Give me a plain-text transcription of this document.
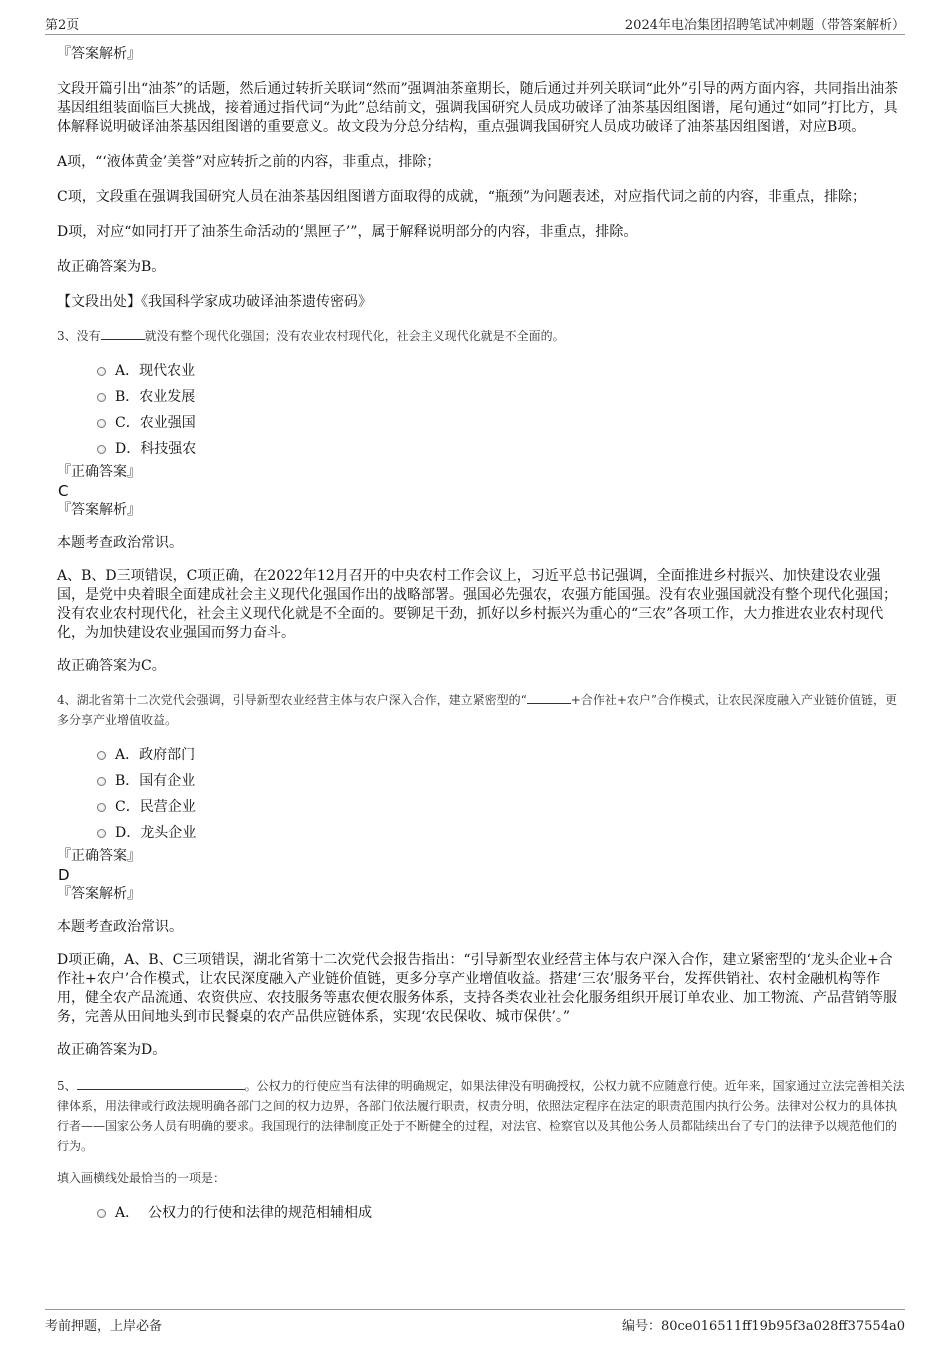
第2页	2024年电冶集团招聘笔试冲刺题（带答案解析）

『答案解析』

文段开篇引出“油茶”的话题，然后通过转折关联词“然而”强调油茶童期长，随后通过并列关联词“此外”引导的两方面内容，共同指出油茶基因组组装面临巨大挑战，接着通过指代词“为此”总结前文，强调我国研究人员成功破译了油茶基因组图谱，尾句通过“如同”打比方，具体解释说明破译油茶基因组图谱的重要意义。故文段为分总分结构，重点强调我国研究人员成功破译了油茶基因组图谱，对应B项。

A项，“‘液体黄金’美誉”对应转折之前的内容，非重点，排除；

C项，文段重在强调我国研究人员在油茶基因组图谱方面取得的成就，“瓶颈”为问题表述，对应指代词之前的内容，非重点，排除；

D项，对应“如同打开了油茶生命活动的‘黑匣子’”，属于解释说明部分的内容，非重点，排除。

故正确答案为B。

【文段出处】《我国科学家成功破译油茶遗传密码》

3、没有	就没有整个现代化强国；没有农业农村现代化，社会主义现代化就是不全面的。

A．现代农业
B．农业发展
C．农业强国
D．科技强农

『正确答案』

C

『答案解析』

本题考查政治常识。

A、B、D三项错误，C项正确，在2022年12月召开的中央农村工作会议上，习近平总书记强调，全面推进乡村振兴、加快建设农业强国，是党中央着眼全面建成社会主义现代化强国作出的战略部署。强国必先强农，农强方能国强。没有农业强国就没有整个现代化强国；没有农业农村现代化，社会主义现代化就是不全面的。要铆足干劲，抓好以乡村振兴为重心的“三农”各项工作，大力推进农业农村现代化，为加快建设农业强国而努力奋斗。

故正确答案为C。

4、湖北省第十二次党代会强调，引导新型农业经营主体与农户深入合作，建立紧密型的“	+合作社+农户”合作模式，让农民深度融入产业链价值链，更多分享产业增值收益。

A．政府部门
B．国有企业
C．民营企业
D．龙头企业

『正确答案』

D

『答案解析』

本题考查政治常识。

D项正确，A、B、C三项错误，湖北省第十二次党代会报告指出：“引导新型农业经营主体与农户深入合作，建立紧密型的‘龙头企业+合作社+农户’合作模式，让农民深度融入产业链价值链，更多分享产业增值收益。搭建‘三农’服务平台，发挥供销社、农村金融机构等作用，健全农产品流通、农资供应、农技服务等惠农便农服务体系，支持各类农业社会化服务组织开展订单农业、加工物流、产品营销等服务，完善从田间地头到市民餐桌的农产品供应链体系，实现‘农民保收、城市保供’。”

故正确答案为D。

5、	。公权力的行使应当有法律的明确规定，如果法律没有明确授权，公权力就不应随意行使。近年来，国家通过立法完善相关法律体系，用法律或行政法规明确各部门之间的权力边界，各部门依法履行职责，权责分明，依照法定程序在法定的职责范围内执行公务。法律对公权力的具体执行者——国家公务人员有明确的要求。我国现行的法律制度正处于不断健全的过程，对法官、检察官以及其他公务人员都陆续出台了专门的法律予以规范他们的行为。

填入画横线处最恰当的一项是：

A． 公权力的行使和法律的规范相辅相成
考前押题，上岸必备	编号：80ce016511ff19b95f3a028ff37554a0
